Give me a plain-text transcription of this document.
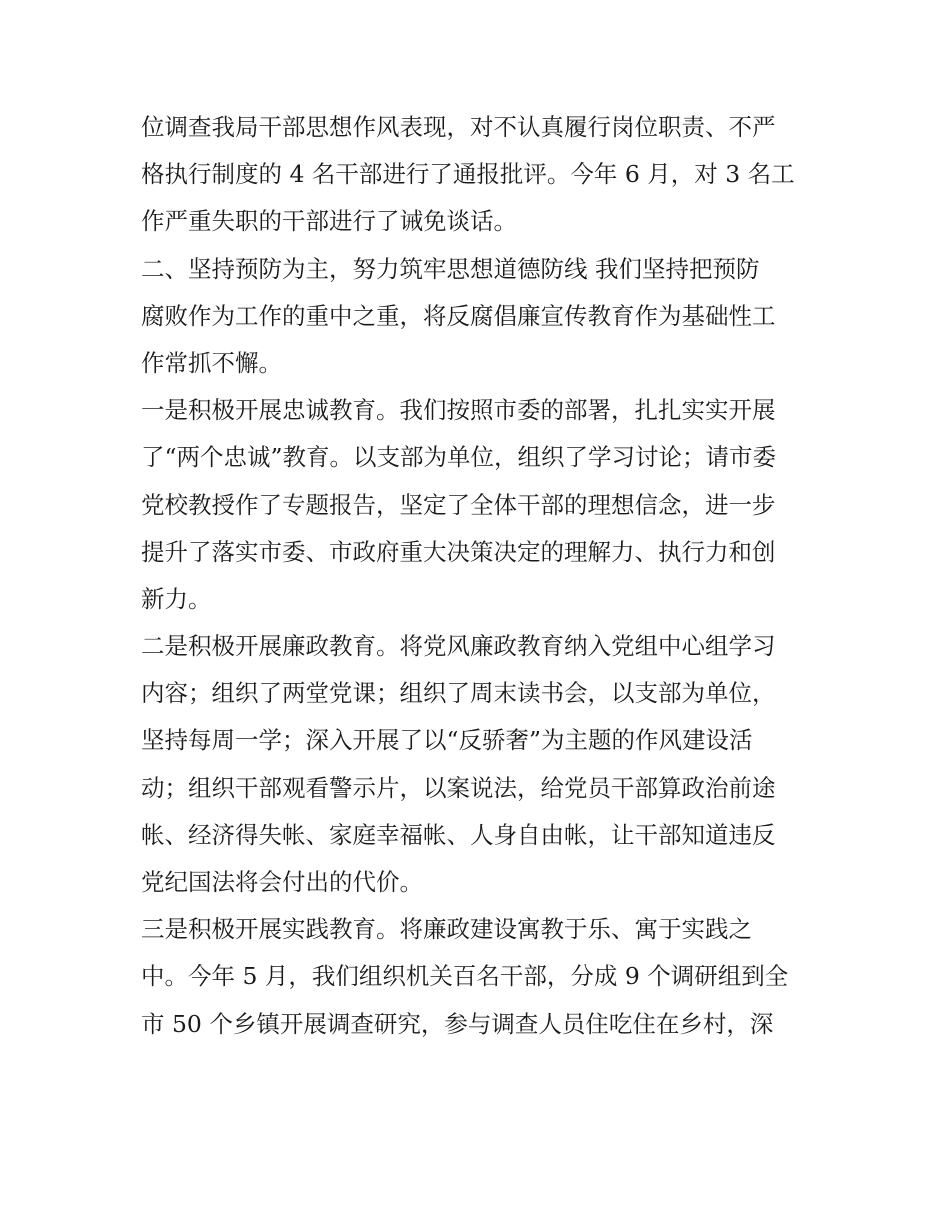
位调查我局干部思想作风表现，对不认真履行岗位职责、不严
格执行制度的 4 名干部进行了通报批评。今年 6 月，对 3 名工
作严重失职的干部进行了诫免谈话。
二、坚持预防为主，努力筑牢思想道德防线 我们坚持把预防
腐败作为工作的重中之重，将反腐倡廉宣传教育作为基础性工
作常抓不懈。
一是积极开展忠诚教育。我们按照市委的部署，扎扎实实开展
了“两个忠诚”教育。以支部为单位，组织了学习讨论；请市委
党校教授作了专题报告，坚定了全体干部的理想信念，进一步
提升了落实市委、市政府重大决策决定的理解力、执行力和创
新力。
二是积极开展廉政教育。将党风廉政教育纳入党组中心组学习
内容；组织了两堂党课；组织了周末读书会，以支部为单位，
坚持每周一学；深入开展了以“反骄奢”为主题的作风建设活
动；组织干部观看警示片，以案说法，给党员干部算政治前途
帐、经济得失帐、家庭幸福帐、人身自由帐，让干部知道违反
党纪国法将会付出的代价。
三是积极开展实践教育。将廉政建设寓教于乐、寓于实践之
中。今年 5 月，我们组织机关百名干部，分成 9 个调研组到全
市 50 个乡镇开展调查研究，参与调查人员住吃住在乡村，深
